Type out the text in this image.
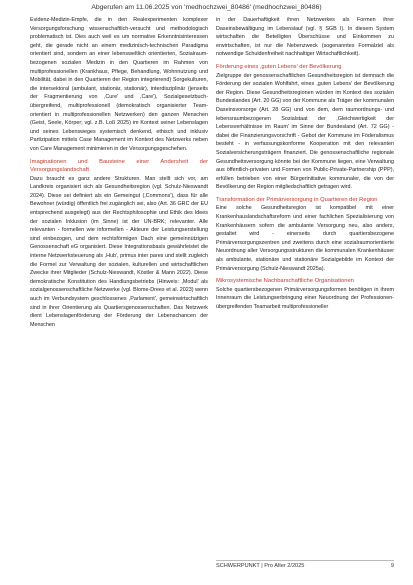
Abgerufen am 11.06.2025 von 'medhochzwei_80486' (medhochzwei_80486)

Evidenz-Medizin-Empfe, die in den Realexperimenten komplexer Versorgungsforschung wissenschaftlich-versucht und methodologisch problematisch ist. Dies auch weil es um normative Erkenntnisinteressen geht, die gerade nicht an einem medizinisch-technischen Paradigma orientiert sind, sondern an einer lebensweltlich orientierten, Sozialraum-bezogenen sozialen Medizin in den Quartieren im Rahmen von multiprofessionellen (Krankhaus, Pflege, Behandlung, Wohnnutzung und Mobilität, dabei in den Quartieren der Region integrierend) Sorgekulturen, die intersektoral (ambulant, stationär, stationär), interdisziplinär (jenseits der Fragmentierung von ,Cure' und ,Care'), Sozialgesetzbuch-übergreifend, multiprofessionell (demokratisch organisierter Team-orientiert in multiprofessionellen Netzwerken) den ganzen Menschen (Geist, Seele, Körper; vgl. z.B. Loß 2025) im Kontext seiner Lebenslagen und seines Lebensweges systemisch denkend, ethisch und inklusiv Partizipation mittels Case Management im Kontext des Netzwerks neben von Care Management minimieren in der Versorgungsgeschehen.

Imaginationen und Bausteine einer Andersheit der Versorgungslandschaft

Dazu braucht es ganz andere Strukturen. Man stellt sich vor, am Landkreis organisiert sich als Gesundheitsregion (vgl. Schulz-Nieswandt 2024). Diese sei definiert als ein Gemeingut (,Commons'), dass für alle Bewohner (würdig) öffentlich frei zugänglich sei, also (Art. 36 GRC der EU entsprechend ausgelegt) aus der Rechtsphilosophie und Ethik des Idees der sozialen Inklusion (im Sinne) ist der UN-BRK; relevanter. Alle relevanten - formellen wie informellen - Akteure der Leistungserstellung sind einbezogen, und dem rechtsförmigen Dach eine gemeinnützigen Genossenschaft eG organisiert. Diese Integrationsbasis gewährleistet die interne Netzwerksteuerung als ,Hub', primus inter pares und stellt zugleich die Formel zur Verwaltung der sozialen, kulturellen und wirtschaftlichen Zwecke ihrer Mitglieder (Schulz-Nieswandt, Köstler & Mann 2022). Diese demokratische Konstitution des Handlungsbetriebs (Hinweis: ,Modul' als sozialgenossenschaftliche Netzwerke (vgl. Blome-Drees et al. 2023) wenn auch im Verbundsystem geschlossenes ,Parlament', gemeinwirtschaftlich sind in ihrer Orientierung als Quartiersgenossenschaften. Das Netzwerk dient Lebenslagenförderung der Förderung der Lebenschancen der Menschen

in der Dauerhaftigkeit ihren Netzwerkes als Formen ihrer Daseinsbewältigung im Lebenslauf (vgl. § SGB I). In diesem System wirtschaften die Beteiligten Überschüsse und Einkommen zu erwirtschaften, ist nur die Nebenzweck (sogenanntes Formalziel als notwendige Schuldenfreiheit nachhaltiger Wirtschaftlichkeit).

Förderung eines ,guten Lebens' der Bevölkerung

Zielgruppe der genossenschaftlichen Gesundheitsregion ist demnach die Förderung der sozialen Wohlfahrt, eines ,guten Lebens' der Bevölkerung der Region. Diese Gesundheitsregionen würden im Kontext des sozialen Bundeslandes (Art. 20 GG) von der Kommune als Träger der kommunalen Daseinsvorsorge (Art. 28 GG) und von dem, dem raumordnungs- und lebensraumbezogenen Sozialstaat der ,Gleichwertigkeit der Lebensverhältnisse im Raum' im Sinne der Bundesland (Art. 72 GG) - dabei die Finanzierungsvorschrift - Gebot der Kommune im Föderalismus besteht - in verfassungskonforme Kooperation mit den relevanten Sozialversicherungsträgern finanziert. Die genossenschaftliche regionale Gesundheitsversorgung könnte bei der Kommune liegen, eine Verwaltung aus öffentlich-privaten und Formen von Public-Private-Partnership (PPP), erfüllen betrieben von einer Bürgerinitiative kommunaler, die von der Bevölkerung der Region mitgliedschaftlich getragen wird.

Transformation der Primärversorgung in Quartieren der Region

Eine solche Gesundheitsregion ist kompatibel mit einer Krankenhauslandschaftsreform und einer fachlichen Spezialisierung von Krankenhäusern sofern die ambulante Versorgung neu, also anders, gestaltet wird - einerseits durch quartiersbezogene Primärversorgungszentren und zweitens durch eine sozialraumorientierte Neuordnung aller Versorgungsstrukturen die kommunalen Krankenhäuser als ambulante, stationäre und stationäre Sozialgebilde im Kontext der Primärversorgung (Schulz-Nieswandt 2025a).

Mikrosystemische Nachbarschaftliche Organisationen

Solche quartiersbezogenen Primärversorgungsformen benötigen in ihrem Innenraum die Leistungserbringung einer Neuordnung der Professionen-übergreifenden Teamarbeit multiprofessioneller

SCHWERPUNKT | Pro Alter 2/2025	9
